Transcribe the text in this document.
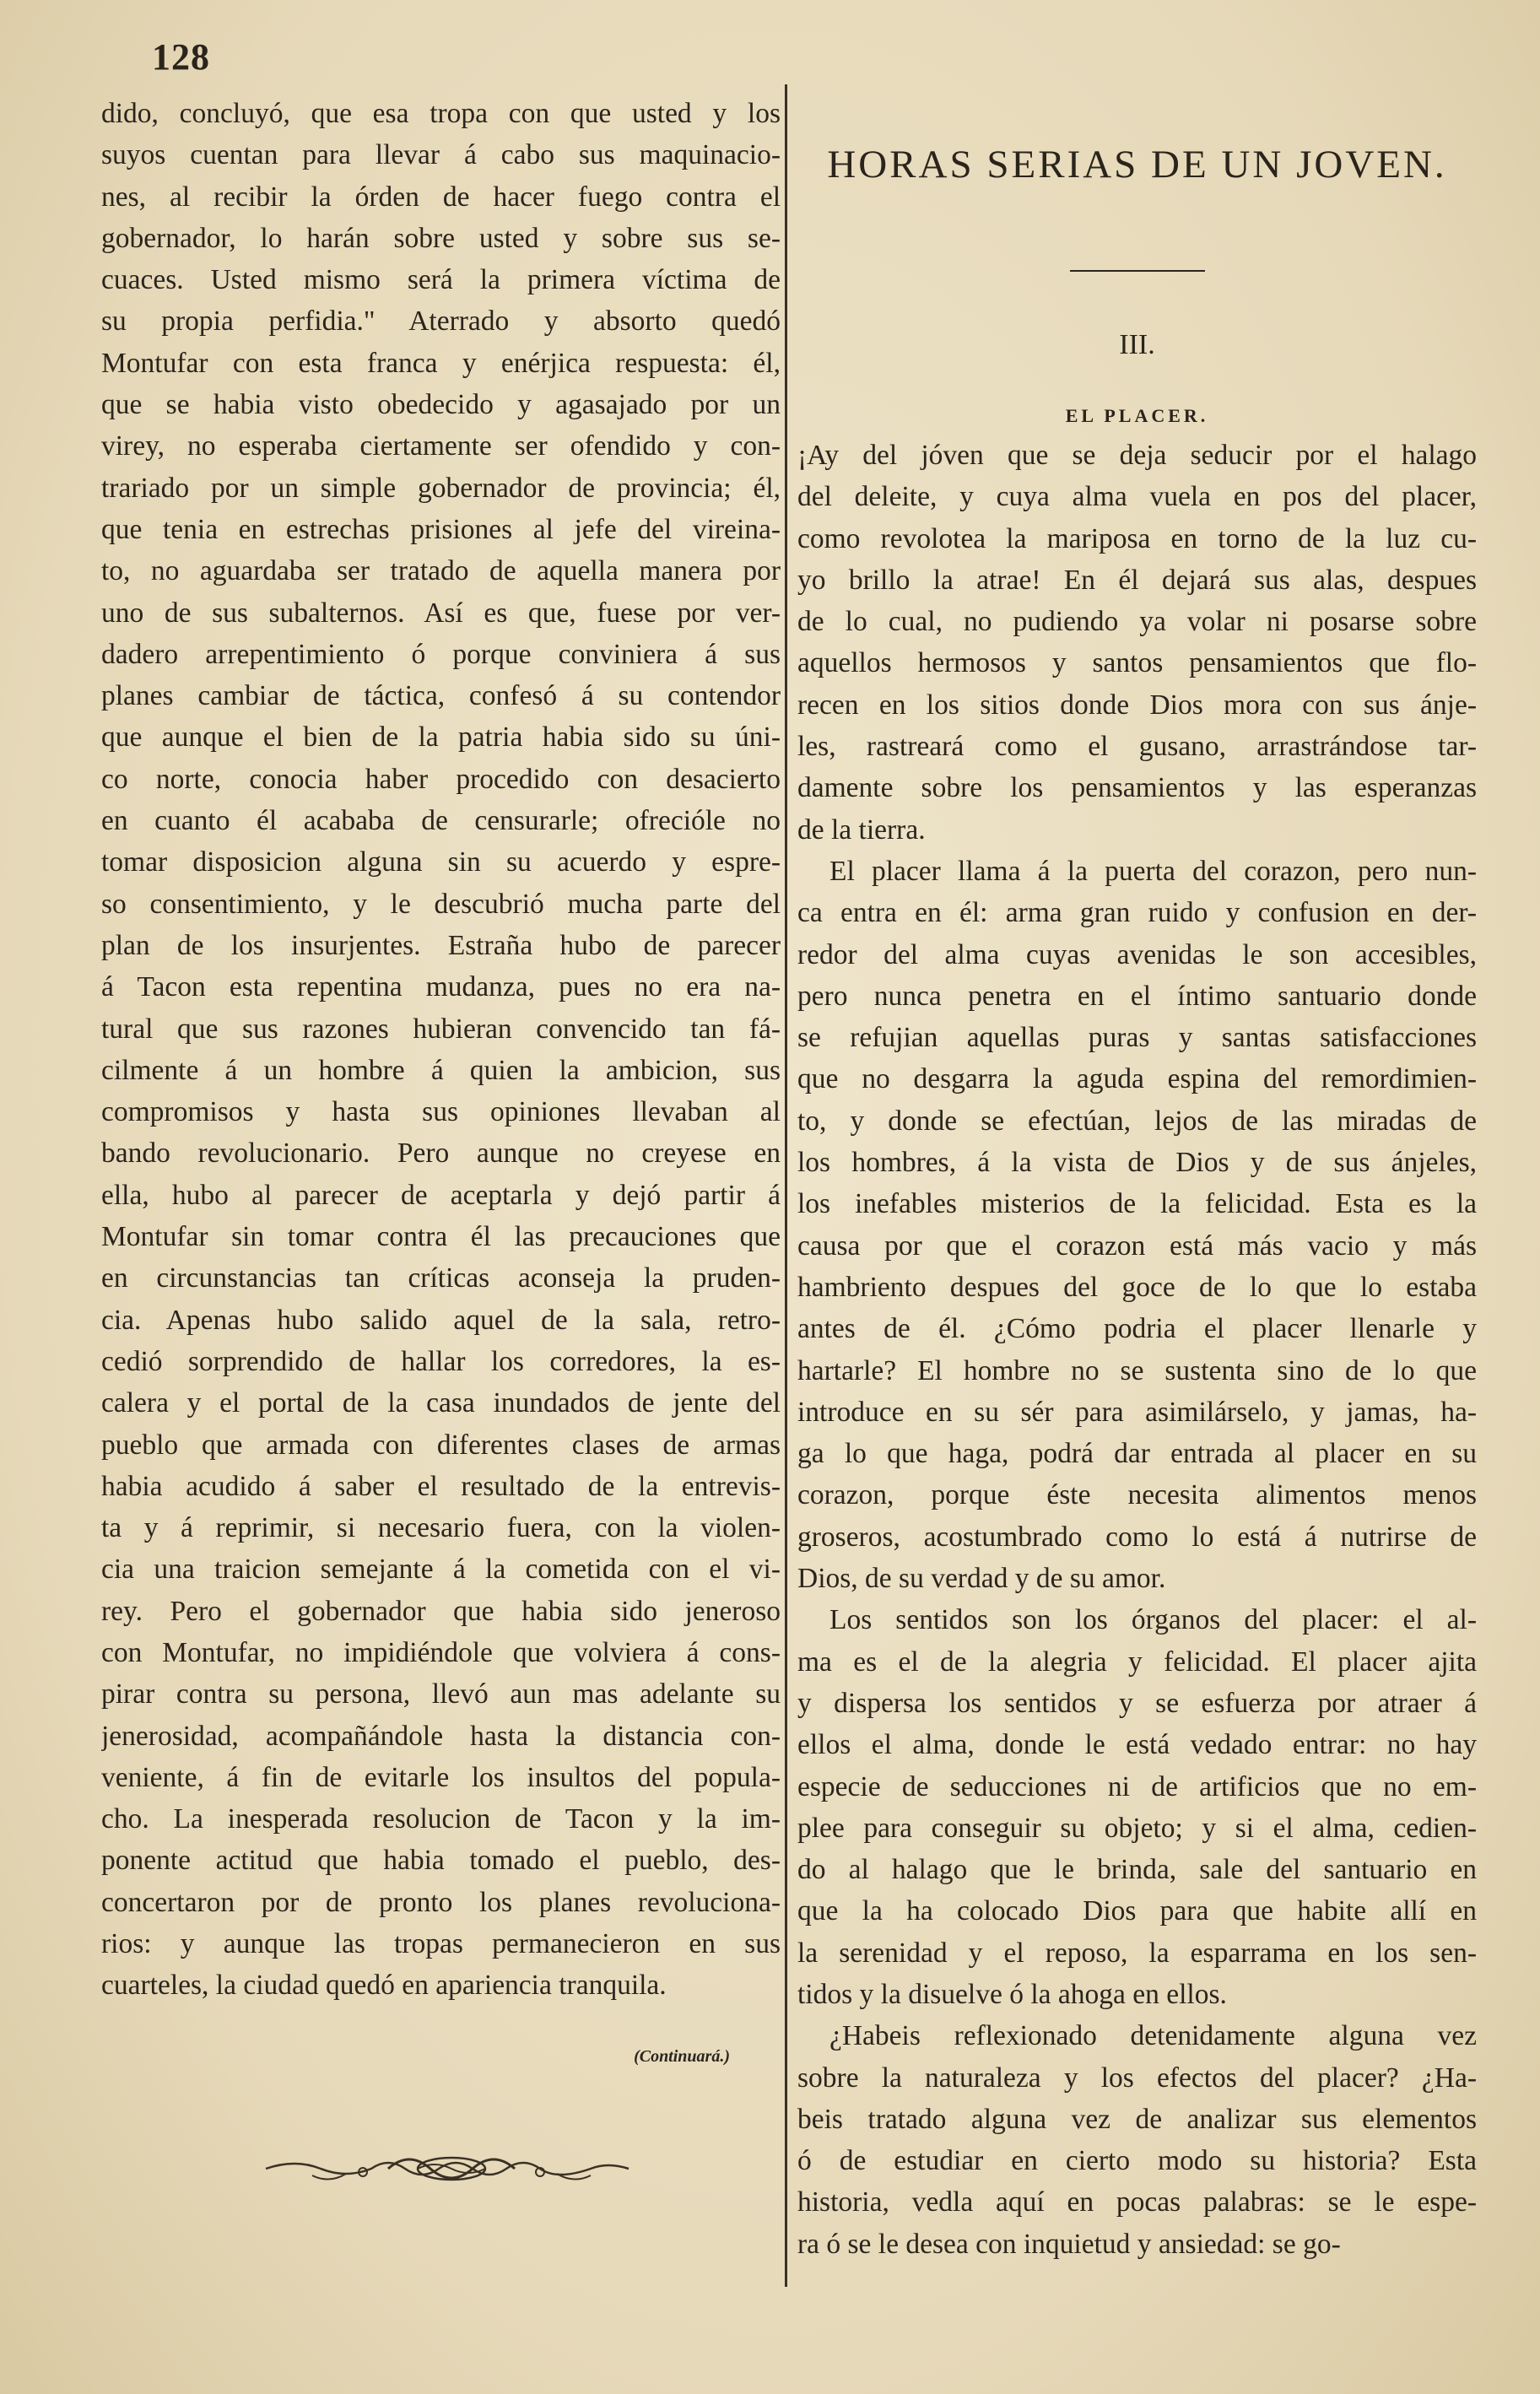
128
dido, concluyó, que esa tropa con que usted y los
suyos cuentan para llevar á cabo sus maquinacio-
nes, al recibir la órden de hacer fuego contra el
gobernador, lo harán sobre usted y sobre sus se-
cuaces. Usted mismo será la primera víctima de
su propia perfidia." Aterrado y absorto quedó
Montufar con esta franca y enérjica respuesta: él,
que se habia visto obedecido y agasajado por un
virey, no esperaba ciertamente ser ofendido y con-
trariado por un simple gobernador de provincia; él,
que tenia en estrechas prisiones al jefe del vireina-
to, no aguardaba ser tratado de aquella manera por
uno de sus subalternos. Así es que, fuese por ver-
dadero arrepentimiento ó porque conviniera á sus
planes cambiar de táctica, confesó á su contendor
que aunque el bien de la patria habia sido su úni-
co norte, conocia haber procedido con desacierto
en cuanto él acababa de censurarle; ofrecióle no
tomar disposicion alguna sin su acuerdo y espre-
so consentimiento, y le descubrió mucha parte del
plan de los insurjentes. Estraña hubo de parecer
á Tacon esta repentina mudanza, pues no era na-
tural que sus razones hubieran convencido tan fá-
cilmente á un hombre á quien la ambicion, sus
compromisos y hasta sus opiniones llevaban al
bando revolucionario. Pero aunque no creyese en
ella, hubo al parecer de aceptarla y dejó partir á
Montufar sin tomar contra él las precauciones que
en circunstancias tan críticas aconseja la pruden-
cia. Apenas hubo salido aquel de la sala, retro-
cedió sorprendido de hallar los corredores, la es-
calera y el portal de la casa inundados de jente del
pueblo que armada con diferentes clases de armas
habia acudido á saber el resultado de la entrevis-
ta y á reprimir, si necesario fuera, con la violen-
cia una traicion semejante á la cometida con el vi-
rey. Pero el gobernador que habia sido jeneroso
con Montufar, no impidiéndole que volviera á cons-
pirar contra su persona, llevó aun mas adelante su
jenerosidad, acompañándole hasta la distancia con-
veniente, á fin de evitarle los insultos del popula-
cho. La inesperada resolucion de Tacon y la im-
ponente actitud que habia tomado el pueblo, des-
concertaron por de pronto los planes revoluciona-
rios: y aunque las tropas permanecieron en sus
cuarteles, la ciudad quedó en apariencia tranquila.
(Continuará.)
HORAS SERIAS DE UN JOVEN.
III.
EL PLACER.

¡Ay del jóven que se deja seducir por el halago
del deleite, y cuya alma vuela en pos del placer,
como revolotea la mariposa en torno de la luz cu-
yo brillo la atrae! En él dejará sus alas, despues
de lo cual, no pudiendo ya volar ni posarse sobre
aquellos hermosos y santos pensamientos que flo-
recen en los sitios donde Dios mora con sus ánje-
les, rastreará como el gusano, arrastrándose tar-
damente sobre los pensamientos y las esperanzas
de la tierra.

El placer llama á la puerta del corazon, pero nun-
ca entra en él: arma gran ruido y confusion en der-
redor del alma cuyas avenidas le son accesibles,
pero nunca penetra en el íntimo santuario donde
se refujian aquellas puras y santas satisfacciones
que no desgarra la aguda espina del remordimien-
to, y donde se efectúan, lejos de las miradas de
los hombres, á la vista de Dios y de sus ánjeles,
los inefables misterios de la felicidad. Esta es la
causa por que el corazon está más vacio y más
hambriento despues del goce de lo que lo estaba
antes de él. ¿Cómo podria el placer llenarle y
hartarle? El hombre no se sustenta sino de lo que
introduce en su sér para asimilárselo, y jamas, ha-
ga lo que haga, podrá dar entrada al placer en su
corazon, porque éste necesita alimentos menos
groseros, acostumbrado como lo está á nutrirse de
Dios, de su verdad y de su amor.

Los sentidos son los órganos del placer: el al-
ma es el de la alegria y felicidad. El placer ajita
y dispersa los sentidos y se esfuerza por atraer á
ellos el alma, donde le está vedado entrar: no hay
especie de seducciones ni de artificios que no em-
plee para conseguir su objeto; y si el alma, cedien-
do al halago que le brinda, sale del santuario en
que la ha colocado Dios para que habite allí en
la serenidad y el reposo, la esparrama en los sen-
tidos y la disuelve ó la ahoga en ellos.

¿Habeis reflexionado detenidamente alguna vez
sobre la naturaleza y los efectos del placer? ¿Ha-
beis tratado alguna vez de analizar sus elementos
ó de estudiar en cierto modo su historia? Esta
historia, vedla aquí en pocas palabras: se le espe-
ra ó se le desea con inquietud y ansiedad: se go-
